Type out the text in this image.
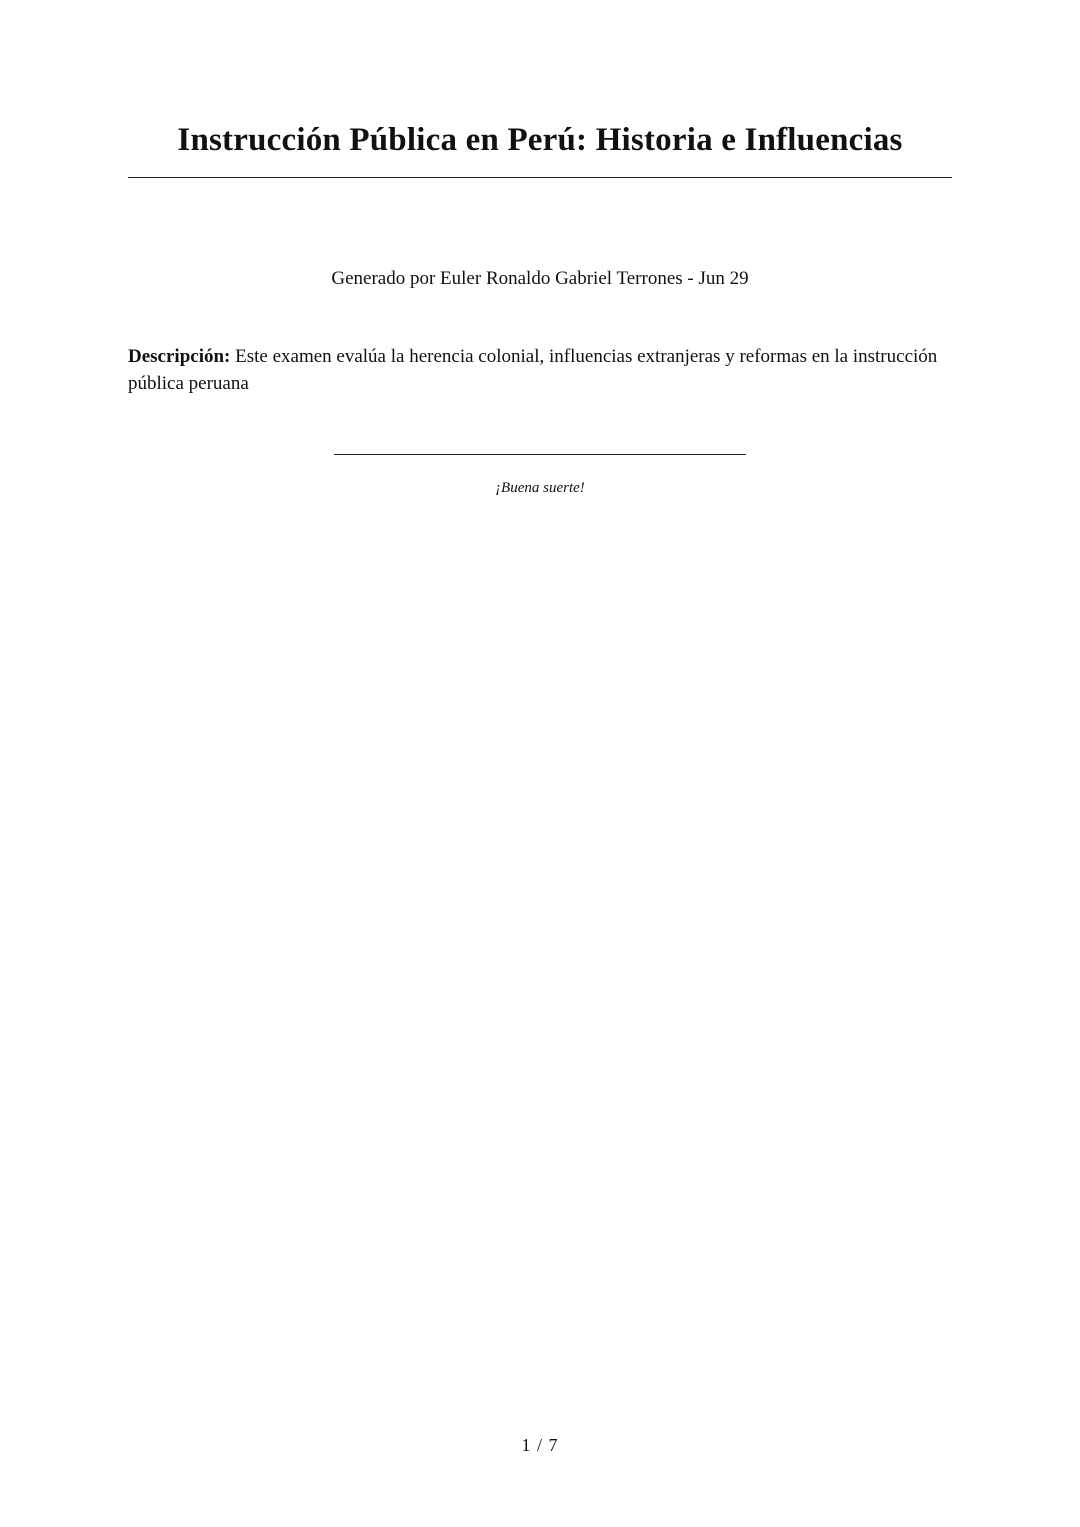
Instrucción Pública en Perú: Historia e Influencias
Generado por Euler Ronaldo Gabriel Terrones - Jun 29

Descripción: Este examen evalúa la herencia colonial, influencias extranjeras y reformas en la instrucción pública peruana

¡Buena suerte!
1 / 7
